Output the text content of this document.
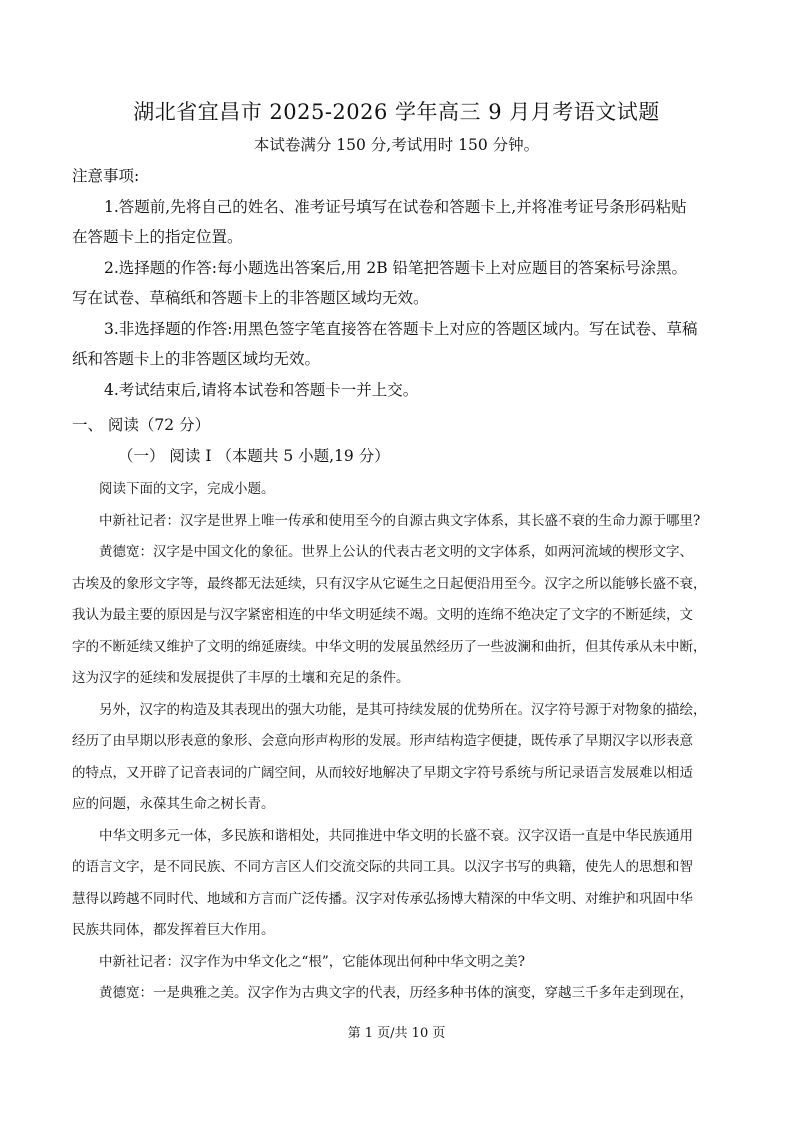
湖北省宜昌市 2025-2026 学年高三 9 月月考语文试题
本试卷满分 150 分,考试用时 150 分钟。
注意事项:
1.答题前,先将自己的姓名、准考证号填写在试卷和答题卡上,并将准考证号条形码粘贴
在答题卡上的指定位置。
2.选择题的作答:每小题选出答案后,用 2B 铅笔把答题卡上对应题目的答案标号涂黑。
写在试卷、草稿纸和答题卡上的非答题区域均无效。
3.非选择题的作答:用黑色签字笔直接答在答题卡上对应的答题区域内。写在试卷、草稿
纸和答题卡上的非答题区域均无效。
4.考试结束后,请将本试卷和答题卡一并上交。
一、 阅读（72 分）
（一） 阅读 I （本题共 5 小题,19 分）
阅读下面的文字，完成小题。
中新社记者：汉字是世界上唯一传承和使用至今的自源古典文字体系，其长盛不衰的生命力源于哪里?
黄德宽：汉字是中国文化的象征。世界上公认的代表古老文明的文字体系，如两河流域的楔形文字、
古埃及的象形文字等，最终都无法延续，只有汉字从它诞生之日起便沿用至今。汉字之所以能够长盛不衰，
我认为最主要的原因是与汉字紧密相连的中华文明延续不竭。文明的连绵不绝决定了文字的不断延续，文
字的不断延续又维护了文明的绵延赓续。中华文明的发展虽然经历了一些波澜和曲折，但其传承从未中断，
这为汉字的延续和发展提供了丰厚的土壤和充足的条件。
另外，汉字的构造及其表现出的强大功能，是其可持续发展的优势所在。汉字符号源于对物象的描绘，
经历了由早期以形表意的象形、会意向形声构形的发展。形声结构造字便捷，既传承了早期汉字以形表意
的特点，又开辟了记音表词的广阔空间，从而较好地解决了早期文字符号系统与所记录语言发展难以相适
应的问题，永葆其生命之树长青。
中华文明多元一体，多民族和谐相处，共同推进中华文明的长盛不衰。汉字汉语一直是中华民族通用
的语言文字，是不同民族、不同方言区人们交流交际的共同工具。以汉字书写的典籍，使先人的思想和智
慧得以跨越不同时代、地域和方言而广泛传播。汉字对传承弘扬博大精深的中华文明、对维护和巩固中华
民族共同体，都发挥着巨大作用。
中新社记者：汉字作为中华文化之“根”，它能体现出何种中华文明之美?
黄德宽：一是典雅之美。汉字作为古典文字的代表，历经多种书体的演变，穿越三千多年走到现在，
第 1 页/共 10 页
